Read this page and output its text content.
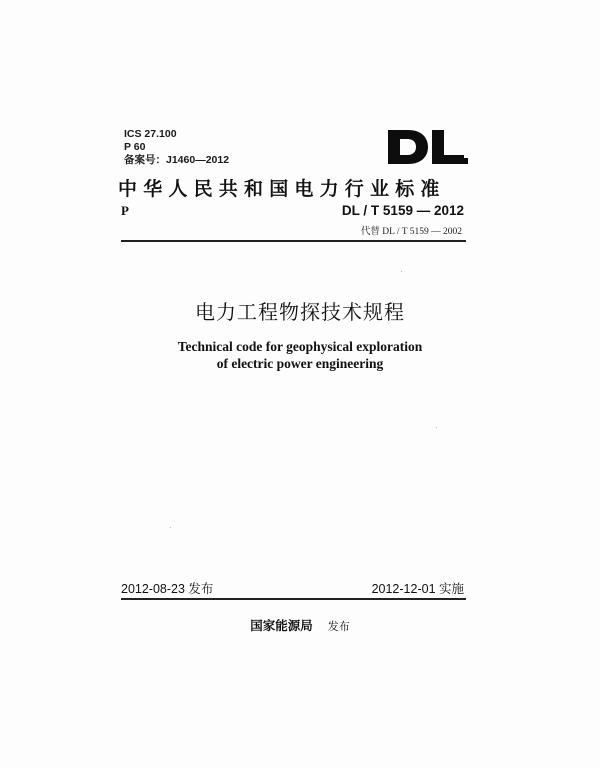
ICS 27.100
P 60
备案号：J1460—2012
中华人民共和国电力行业标准
P	DL / T 5159 — 2012
代替 DL / T 5159 — 2002
电力工程物探技术规程
Technical code for geophysical exploration
of electric power engineering
2012-08-23 发布	2012-12-01 实施
国家能源局 发布
